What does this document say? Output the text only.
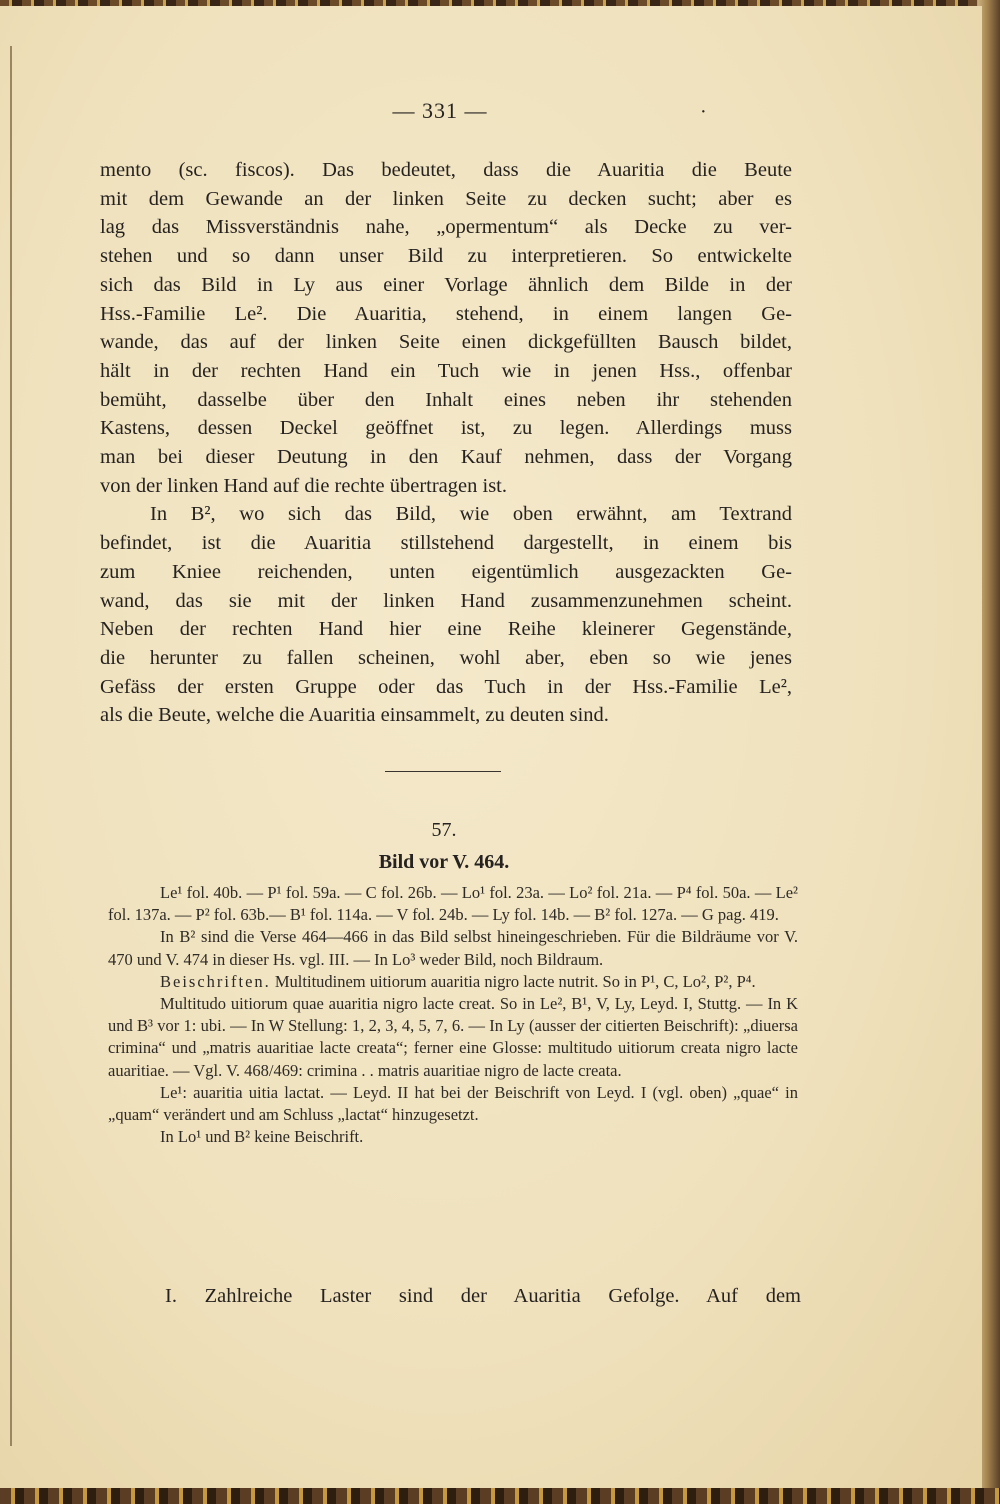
— 331 —	·

mento (sc. fiscos). Das bedeutet, dass die Auaritia die Beute

mit dem Gewande an der linken Seite zu decken sucht; aber es

lag das Missverständnis nahe, „opermentum“ als Decke zu ver-

stehen und so dann unser Bild zu interpretieren. So entwickelte

sich das Bild in Ly aus einer Vorlage ähnlich dem Bilde in der

Hss.-Familie Le². Die Auaritia, stehend, in einem langen Ge-

wande, das auf der linken Seite einen dickgefüllten Bausch bildet,

hält in der rechten Hand ein Tuch wie in jenen Hss., offenbar

bemüht, dasselbe über den Inhalt eines neben ihr stehenden

Kastens, dessen Deckel geöffnet ist, zu legen. Allerdings muss

man bei dieser Deutung in den Kauf nehmen, dass der Vorgang

von der linken Hand auf die rechte übertragen ist.

In B², wo sich das Bild, wie oben erwähnt, am Textrand

befindet, ist die Auaritia stillstehend dargestellt, in einem bis

zum Kniee reichenden, unten eigentümlich ausgezackten Ge-

wand, das sie mit der linken Hand zusammenzunehmen scheint.

Neben der rechten Hand hier eine Reihe kleinerer Gegenstände,

die herunter zu fallen scheinen, wohl aber, eben so wie jenes

Gefäss der ersten Gruppe oder das Tuch in der Hss.-Familie Le²,

als die Beute, welche die Auaritia einsammelt, zu deuten sind.

57.
Bild vor V. 464.

Le¹ fol. 40b. — P¹ fol. 59a. — C fol. 26b. — Lo¹ fol. 23a. — Lo² fol. 21a. — P⁴ fol. 50a. — Le² fol. 137a. — P² fol. 63b.— B¹ fol. 114a. — V fol. 24b. — Ly fol. 14b. — B² fol. 127a. — G pag. 419.

In B² sind die Verse 464—466 in das Bild selbst hineingeschrieben. Für die Bildräume vor V. 470 und V. 474 in dieser Hs. vgl. III. — In Lo³ weder Bild, noch Bildraum.

Beischriften. Multitudinem uitiorum auaritia nigro lacte nutrit. So in P¹, C, Lo², P², P⁴.

Multitudo uitiorum quae auaritia nigro lacte creat. So in Le², B¹, V, Ly, Leyd. I, Stuttg. — In K und B³ vor 1: ubi. — In W Stellung: 1, 2, 3, 4, 5, 7, 6. — In Ly (ausser der citierten Beischrift): „diuersa crimina“ und „matris auaritiae lacte creata“; ferner eine Glosse: multitudo uitiorum creata nigro lacte auaritiae. — Vgl. V. 468/469: crimina . . matris auaritiae nigro de lacte creata.

Le¹: auaritia uitia lactat. — Leyd. II hat bei der Beischrift von Leyd. I (vgl. oben) „quae“ in „quam“ verändert und am Schluss „lactat“ hinzugesetzt.

In Lo¹ und B² keine Beischrift.

I. Zahlreiche Laster sind der Auaritia Gefolge. Auf dem
